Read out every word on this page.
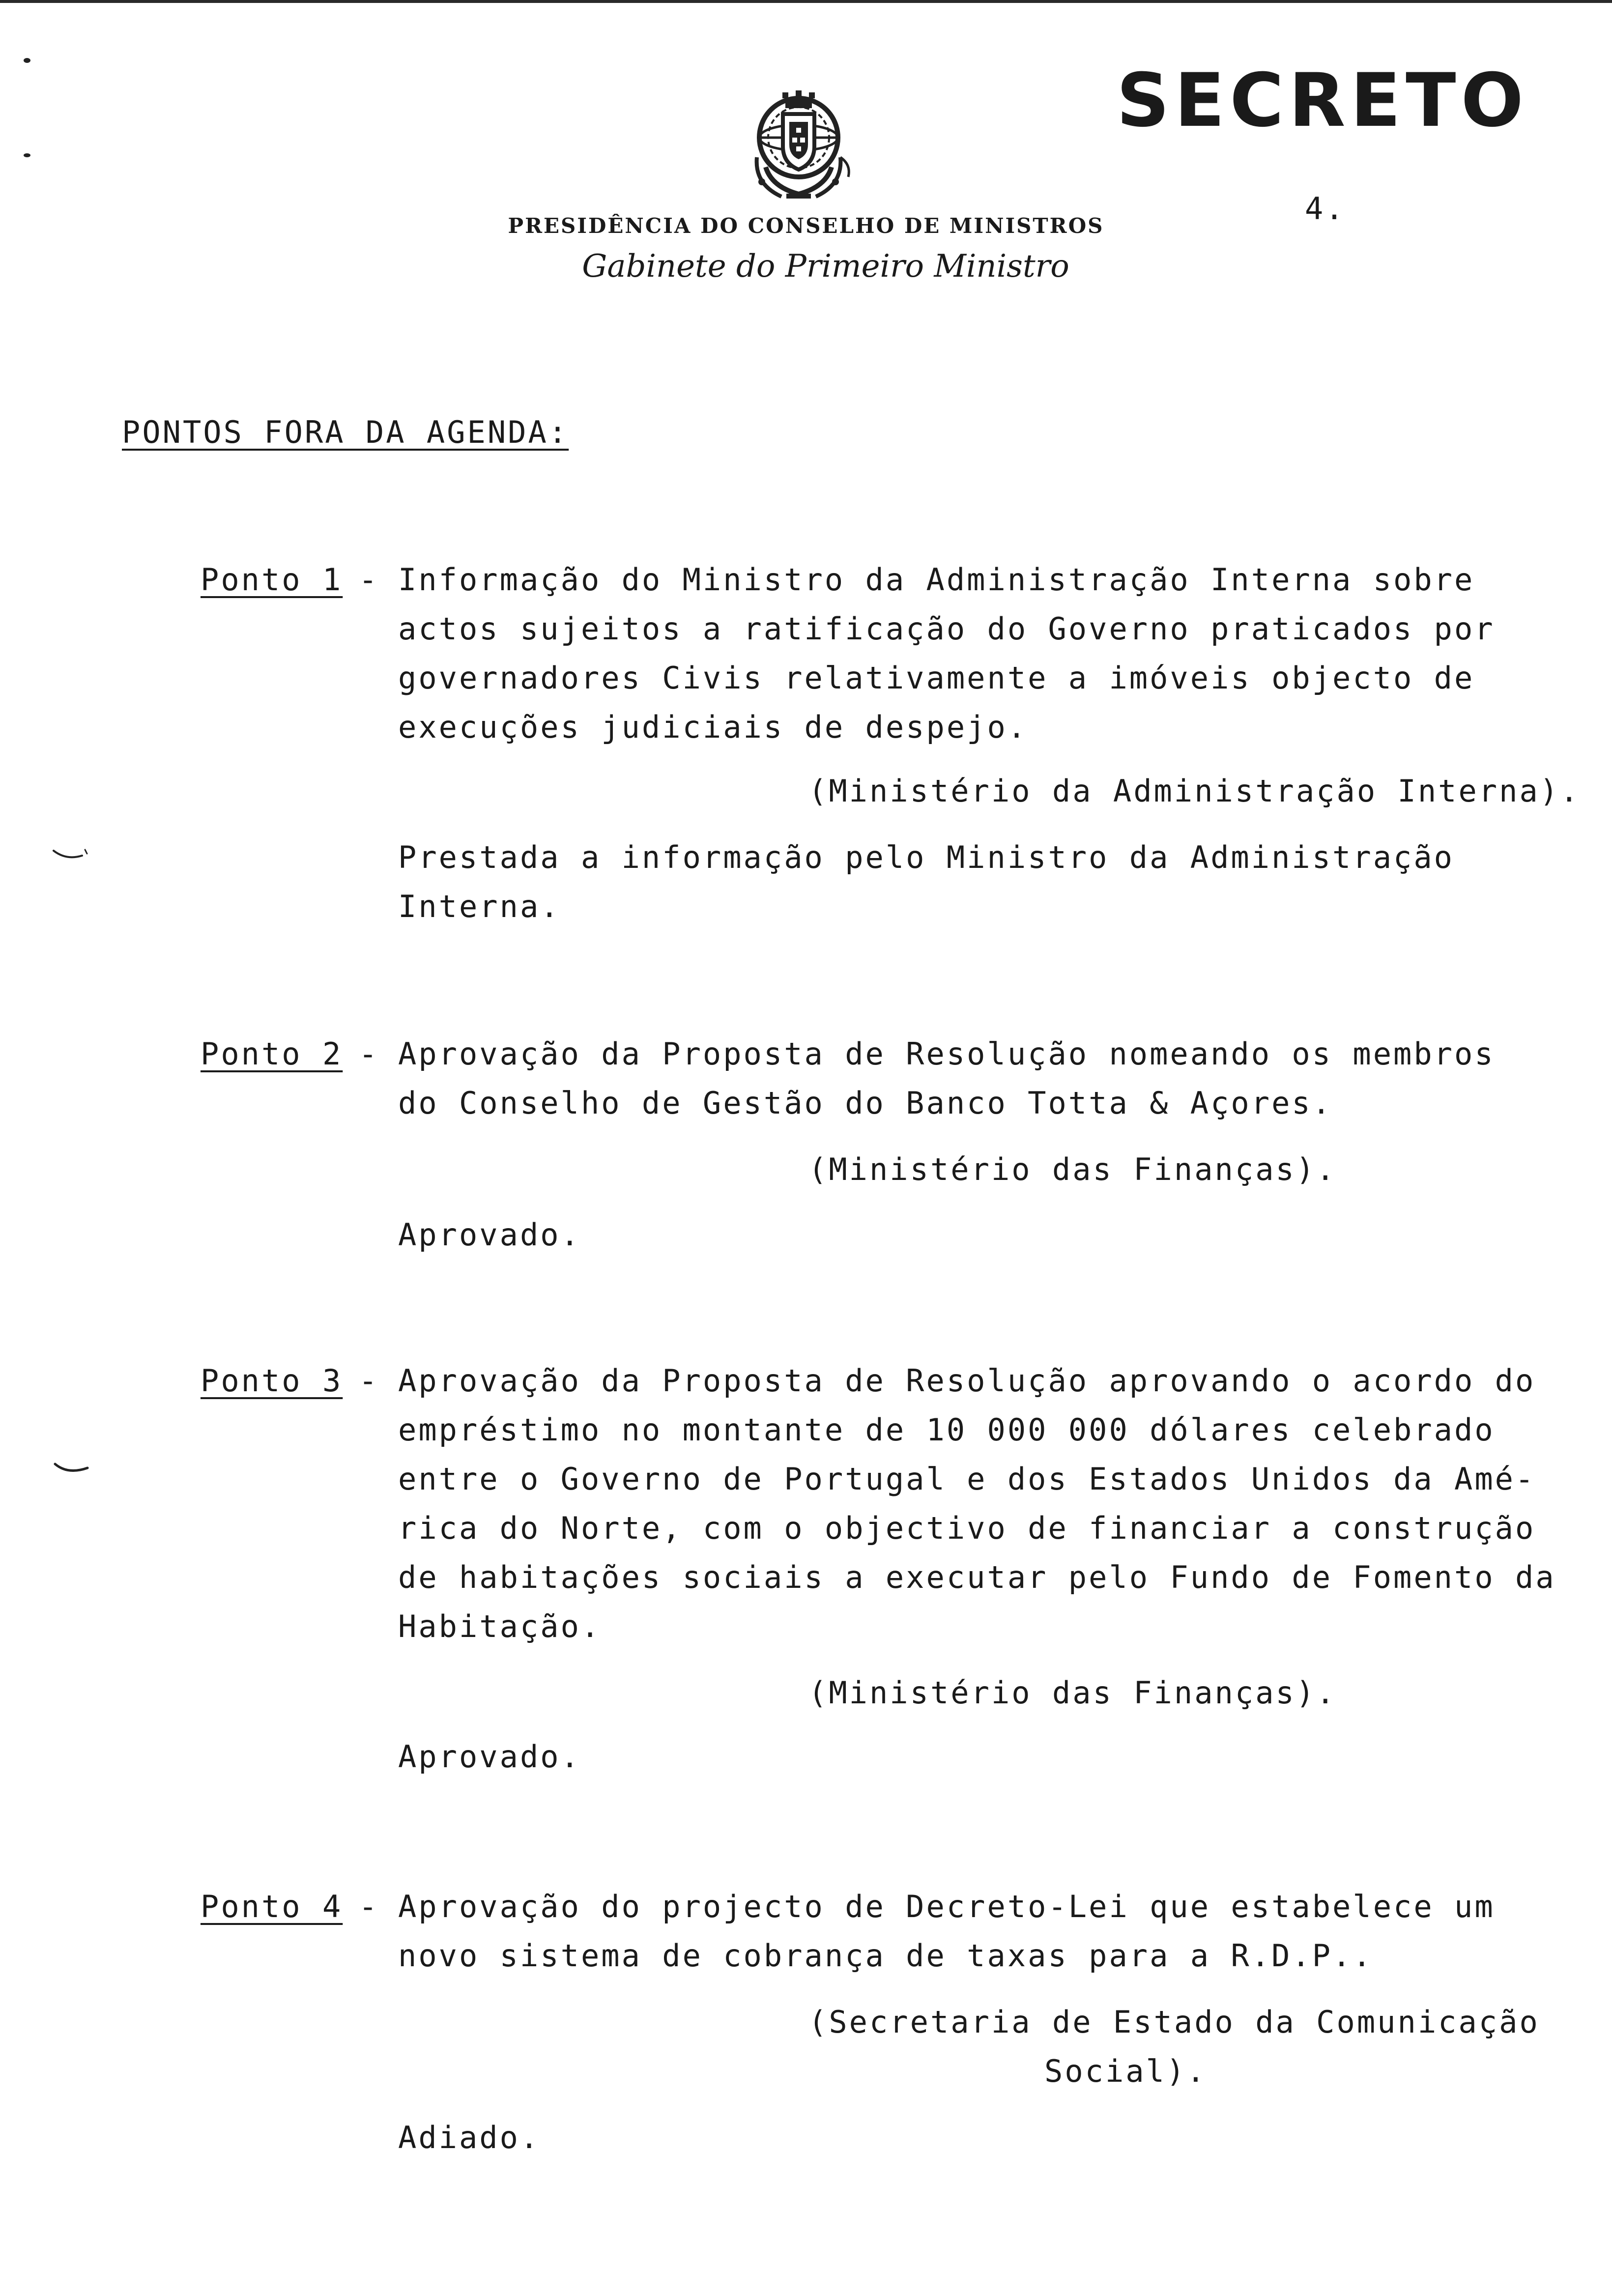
PRESIDÊNCIA DO CONSELHO DE MINISTROS
Gabinete do Primeiro Ministro
SECRETO
4.
PONTOS FORA DA AGENDA:
Ponto 1 - Informação do Ministro da Administração Interna sobre
actos sujeitos a ratificação do Governo praticados por
governadores Civis relativamente a imóveis objecto de
execuções judiciais de despejo.
(Ministério da Administração Interna).
Prestada a informação pelo Ministro da Administração
Interna.
Ponto 2 - Aprovação da Proposta de Resolução nomeando os membros
do Conselho de Gestão do Banco Totta & Açores.
(Ministério das Finanças).
Aprovado.
Ponto 3 - Aprovação da Proposta de Resolução aprovando o acordo do
empréstimo no montante de 10 000 000 dólares celebrado
entre o Governo de Portugal e dos Estados Unidos da Amé-
rica do Norte, com o objectivo de financiar a construção
de habitações sociais a executar pelo Fundo de Fomento da
Habitação.
(Ministério das Finanças).
Aprovado.
Ponto 4 - Aprovação do projecto de Decreto-Lei que estabelece um
novo sistema de cobrança de taxas para a R.D.P..
(Secretaria de Estado da Comunicação
Social).
Adiado.
